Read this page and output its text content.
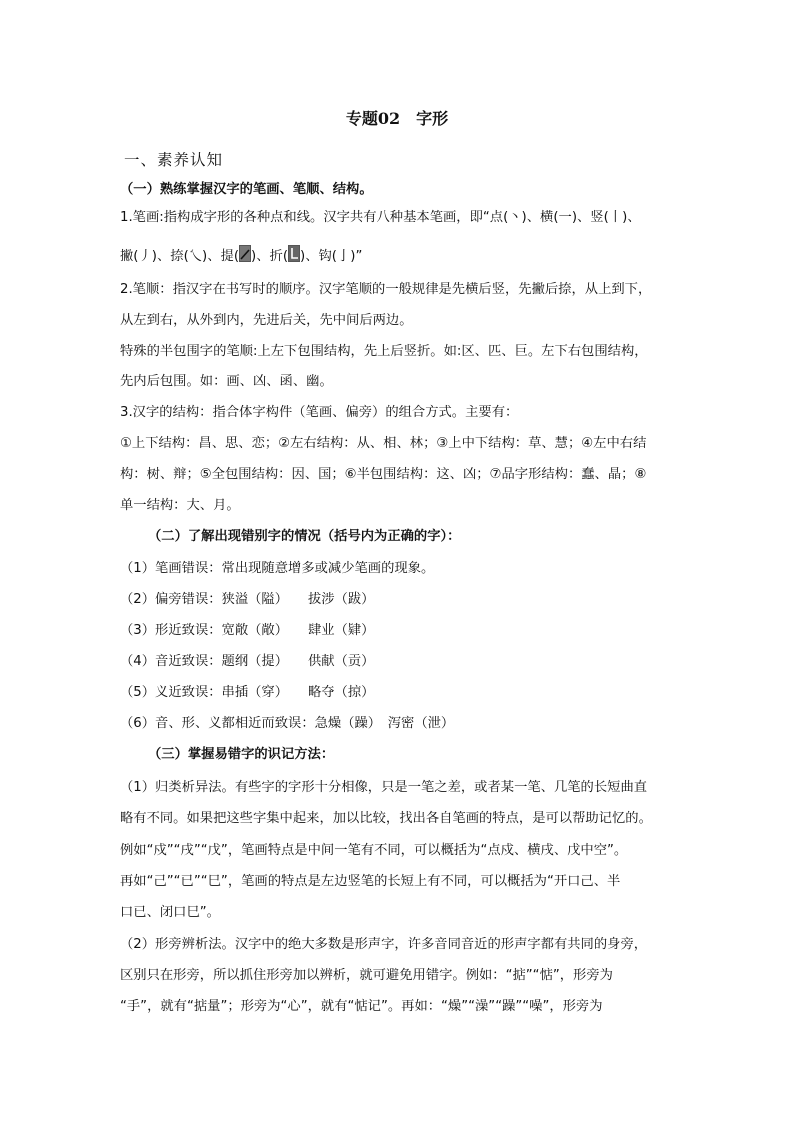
专题02　字形
一、素养认知
（一）熟练掌握汉字的笔画、笔顺、结构。
1.笔画:指构成字形的各种点和线。汉字共有八种基本笔画，即“点(丶)、横(一)、竖(丨)、
撇(丿)、捺(乀)、提( )、折( )、钩(亅)”
2.笔顺：指汉字在书写时的顺序。汉字笔顺的一般规律是先横后竖，先撇后捺，从上到下，
从左到右，从外到内，先进后关，先中间后两边。
特殊的半包围字的笔顺:上左下包围结构，先上后竖折。如:区、匹、巨。左下右包围结构，
先内后包围。如：画、凶、函、幽。
3.汉字的结构：指合体字构件（笔画、偏旁）的组合方式。主要有：
①上下结构：昌、思、恋；②左右结构：从、相、林；③上中下结构：草、慧；④左中右结
构：树、辩；⑤全包围结构：因、国；⑥半包围结构：这、凶；⑦品字形结构：蠢、晶；⑧
单一结构：大、月。
（二）了解出现错别字的情况（括号内为正确的字）：
（1）笔画错误：常出现随意增多或减少笔画的现象。
（2）偏旁错误：狭溢（隘）　　拔涉（跋）
（3）形近致误：宽敞（敞）　　肆业（肄）
（4）音近致误：题纲（提）　　供献（贡）
（5）义近致误：串插（穿）　　略夺（掠）
（6）音、形、义都相近而致误：急燥（躁）　泻密（泄）
（三）掌握易错字的识记方法：
（1）归类析异法。有些字的字形十分相像，只是一笔之差，或者某一笔、几笔的长短曲直
略有不同。如果把这些字集中起来，加以比较，找出各自笔画的特点，是可以帮助记忆的。
例如“戍”“戌”“戊”，笔画特点是中间一笔有不同，可以概括为“点戍、横戌、戊中空”。
再如“己”“已”“巳”，笔画的特点是左边竖笔的长短上有不同，可以概括为“开口己、半
口已、闭口巳”。
（2）形旁辨析法。汉字中的绝大多数是形声字，许多音同音近的形声字都有共同的身旁，
区别只在形旁，所以抓住形旁加以辨析，就可避免用错字。例如：“掂”“惦”，形旁为
“手”，就有“掂量”；形旁为“心”，就有“惦记”。再如：“燥”“澡”“躁”“噪”，形旁为
